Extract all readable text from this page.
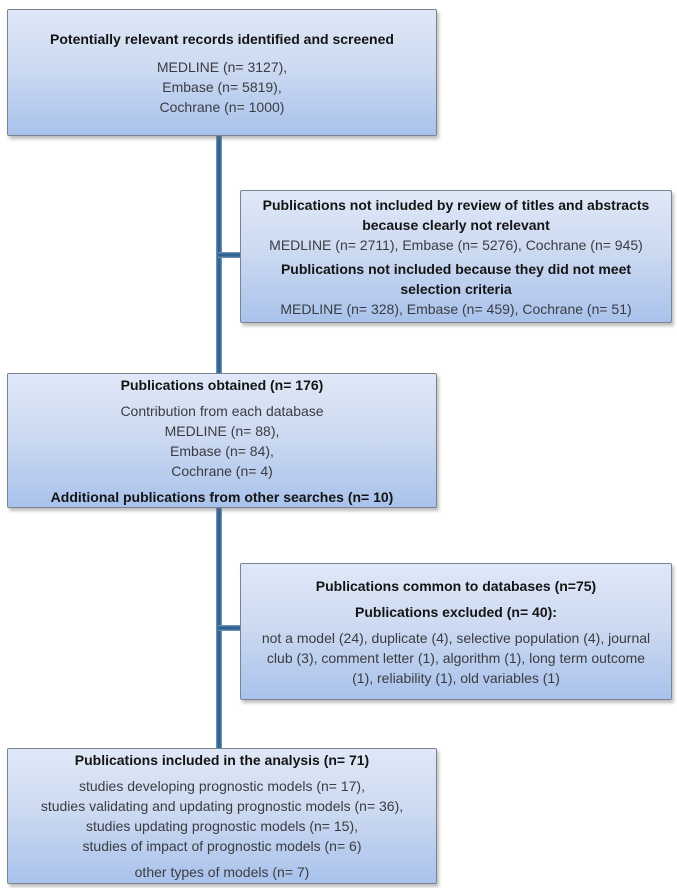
Potentially relevant records identified and screened
MEDLINE (n= 3127),
Embase (n= 5819),
Cochrane (n= 1000)
Publications not included by review of titles and abstracts because clearly not relevant
MEDLINE (n= 2711), Embase (n= 5276), Cochrane (n= 945)
Publications not included because they did not meet selection criteria
MEDLINE (n= 328), Embase (n= 459), Cochrane (n= 51)
Publications obtained (n= 176)
Contribution from each database
MEDLINE (n= 88),
Embase (n= 84),
Cochrane (n= 4)
Additional publications from other searches (n= 10)
Publications common to databases (n=75)
Publications excluded (n= 40):
not a model (24), duplicate (4), selective population (4), journal club (3), comment letter (1), algorithm (1), long term outcome (1), reliability (1), old variables (1)
Publications included in the analysis (n= 71)
studies developing prognostic models (n= 17),
studies validating and updating prognostic models (n= 36),
studies updating prognostic models (n= 15),
studies of impact of prognostic models (n= 6)
other types of models (n= 7)
